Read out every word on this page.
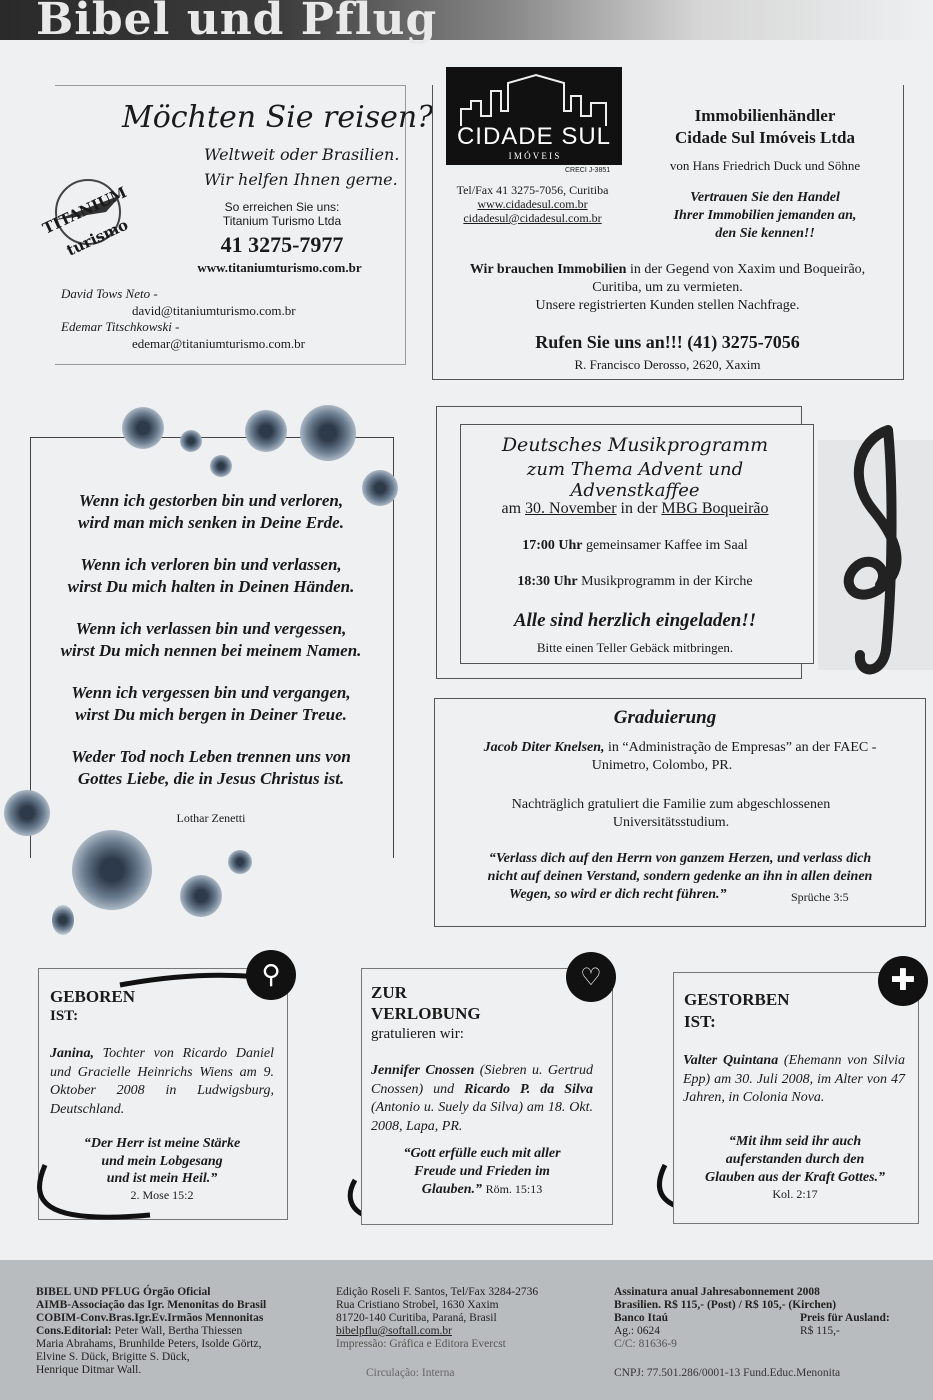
Bibel und Pflug
TITANIUM turismo
Möchten Sie reisen?
Weltweit oder Brasilien.
Wir helfen Ihnen gerne.
So erreichen Sie uns:
Titanium Turismo Ltda
41 3275-7977
www.titaniumturismo.com.br
David Tows Neto -
david@titaniumturismo.com.br
Edemar Titschkowski -
edemar@titaniumturismo.com.br
CIDADE SUL
I M Ó V E I S
CRECI J-3851
Tel/Fax 41 3275-7056, Curitiba
www.cidadesul.com.br
cidadesul@cidadesul.com.br
Immobilienhändler
Cidade Sul Imóveis Ltda
von Hans Friedrich Duck und Söhne
Vertrauen Sie den Handel
Ihrer Immobilien jemanden an,
den Sie kennen!!
Wir brauchen Immobilien in der Gegend von Xaxim und Boqueirão,
Curitiba, um zu vermieten.
Unsere registrierten Kunden stellen Nachfrage.
Rufen Sie uns an!!! (41) 3275-7056
R. Francisco Derosso, 2620, Xaxim

Wenn ich gestorben bin und verloren,
wird man mich senken in Deine Erde.

Wenn ich verloren bin und verlassen,
wirst Du mich halten in Deinen Händen.

Wenn ich verlassen bin und vergessen,
wirst Du mich nennen bei meinem Namen.

Wenn ich vergessen bin und vergangen,
wirst Du mich bergen in Deiner Treue.

Weder Tod noch Leben trennen uns von
Gottes Liebe, die in Jesus Christus ist.

Lothar Zenetti
Deutsches Musikprogramm
zum Thema Advent und Advenstkaffee
am 30. November in der MBG Boqueirão
17:00 Uhr gemeinsamer Kaffee im Saal
18:30 Uhr Musikprogramm in der Kirche
Alle sind herzlich eingeladen!!
Bitte einen Teller Gebäck mitbringen.
Graduierung
Jacob Diter Knelsen, in “Administração de Empresas” an der FAEC -
Unimetro, Colombo, PR.
Nachträglich gratuliert die Familie zum abgeschlossenen
Universitätsstudium.
“Verlass dich auf den Herrn von ganzem Herzen, und verlass dich
nicht auf deinen Verstand, sondern gedenke an ihn in allen deinen
Wegen, so wird er dich recht führen.”	Sprüche 3:5
⚲
GEBOREN
IST:
Janina, Tochter von Ricardo Daniel und Gracielle Heinrichs Wiens am 9. Oktober 2008 in Ludwigsburg, Deutschland.
“Der Herr ist meine Stärke
und mein Lobgesang
und ist mein Heil.”
2. Mose 15:2
♡
ZUR
VERLOBUNG
gratulieren wir:
Jennifer Cnossen (Siebren u. Gertrud Cnossen) und Ricardo P. da Silva (Antonio u. Suely da Silva) am 18. Okt. 2008, Lapa, PR.
“Gott erfülle euch mit aller
Freude und Frieden im
Glauben.” Röm. 15:13
✚
GESTORBEN
IST:
Valter Quintana (Ehemann von Silvia Epp) am 30. Juli 2008, im Alter von 47 Jahren, in Colonia Nova.
“Mit ihm seid ihr auch
auferstanden durch den
Glauben aus der Kraft Gottes.”
Kol. 2:17
BIBEL UND PFLUG Órgão Oficial
AIMB-Associação das Igr. Menonitas do Brasil
COBIM-Conv.Bras.Igr.Ev.Irmãos Mennonitas
Cons.Editorial: Peter Wall, Bertha Thiessen
Maria Abrahams, Brunhilde Peters, Isolde Görtz,
Elvine S. Dück, Brigitte S. Dück,
Henrique Ditmar Wall.
Edição Roseli F. Santos, Tel/Fax 3284-2736
Rua Cristiano Strobel, 1630 Xaxim
81720-140 Curitiba, Paraná, Brasil
bibelpflu@softall.com.br
Impressão: Gráfica e Editora Evercst
Circulação: Interna
Assinatura anual Jahresabonnement 2008
Brasilien. R$ 115,- (Post) / R$ 105,- (Kirchen)
Banco Itaú	Preis für Ausland:
Ag.: 0624	R$ 115,-
C/C: 81636-9
CNPJ: 77.501.286/0001-13 Fund.Educ.Menonita
